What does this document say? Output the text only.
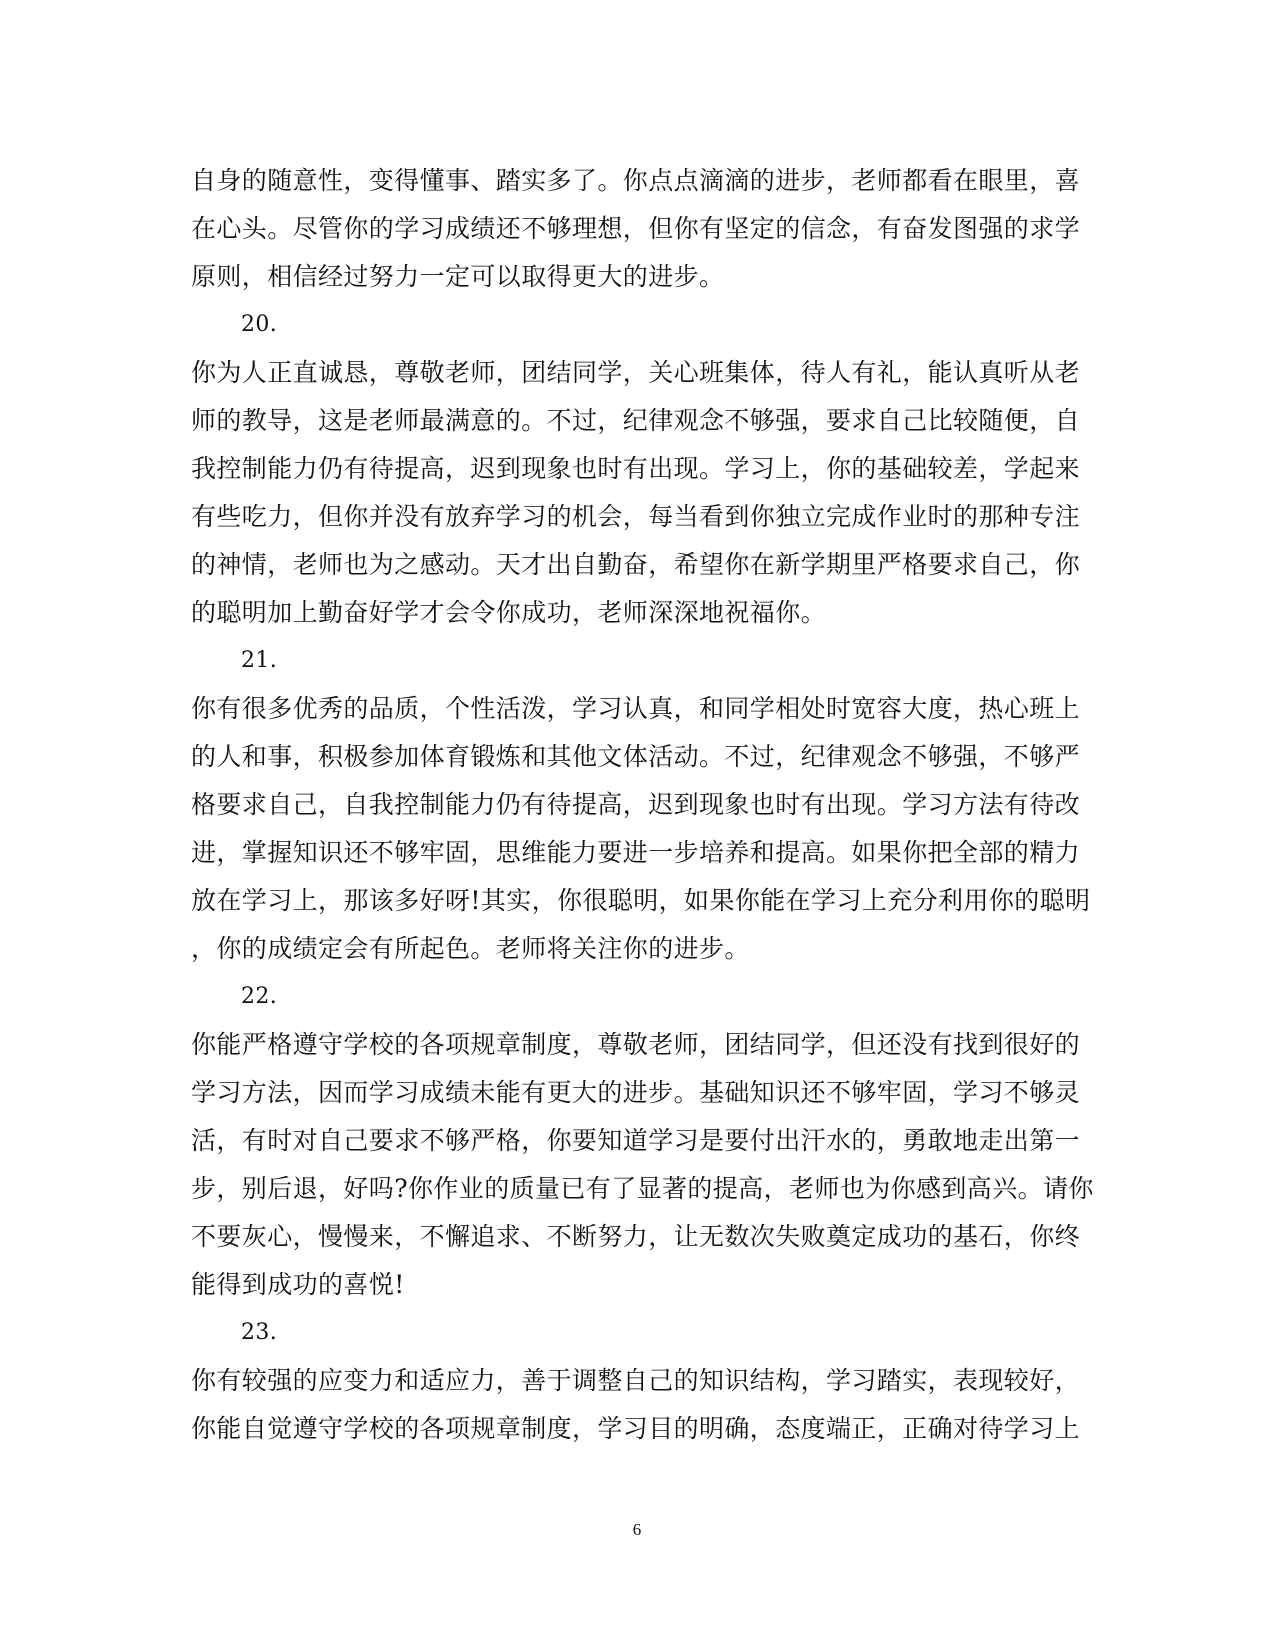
自身的随意性，变得懂事、踏实多了。你点点滴滴的进步，老师都看在眼里，喜
在心头。尽管你的学习成绩还不够理想，但你有坚定的信念，有奋发图强的求学
原则，相信经过努力一定可以取得更大的进步。
20.
你为人正直诚恳，尊敬老师，团结同学，关心班集体，待人有礼，能认真听从老
师的教导，这是老师最满意的。不过，纪律观念不够强，要求自己比较随便，自
我控制能力仍有待提高，迟到现象也时有出现。学习上，你的基础较差，学起来
有些吃力，但你并没有放弃学习的机会，每当看到你独立完成作业时的那种专注
的神情，老师也为之感动。天才出自勤奋，希望你在新学期里严格要求自己，你
的聪明加上勤奋好学才会令你成功，老师深深地祝福你。
21.
你有很多优秀的品质，个性活泼，学习认真，和同学相处时宽容大度，热心班上
的人和事，积极参加体育锻炼和其他文体活动。不过，纪律观念不够强，不够严
格要求自己，自我控制能力仍有待提高，迟到现象也时有出现。学习方法有待改
进，掌握知识还不够牢固，思维能力要进一步培养和提高。如果你把全部的精力
放在学习上，那该多好呀!其实，你很聪明，如果你能在学习上充分利用你的聪明
，你的成绩定会有所起色。老师将关注你的进步。
22.
你能严格遵守学校的各项规章制度，尊敬老师，团结同学，但还没有找到很好的
学习方法，因而学习成绩未能有更大的进步。基础知识还不够牢固，学习不够灵
活，有时对自己要求不够严格，你要知道学习是要付出汗水的，勇敢地走出第一
步，别后退，好吗?你作业的质量已有了显著的提高，老师也为你感到高兴。请你
不要灰心，慢慢来，不懈追求、不断努力，让无数次失败奠定成功的基石，你终
能得到成功的喜悦!
23.
你有较强的应变力和适应力，善于调整自己的知识结构，学习踏实，表现较好，
你能自觉遵守学校的各项规章制度，学习目的明确，态度端正，正确对待学习上
6
